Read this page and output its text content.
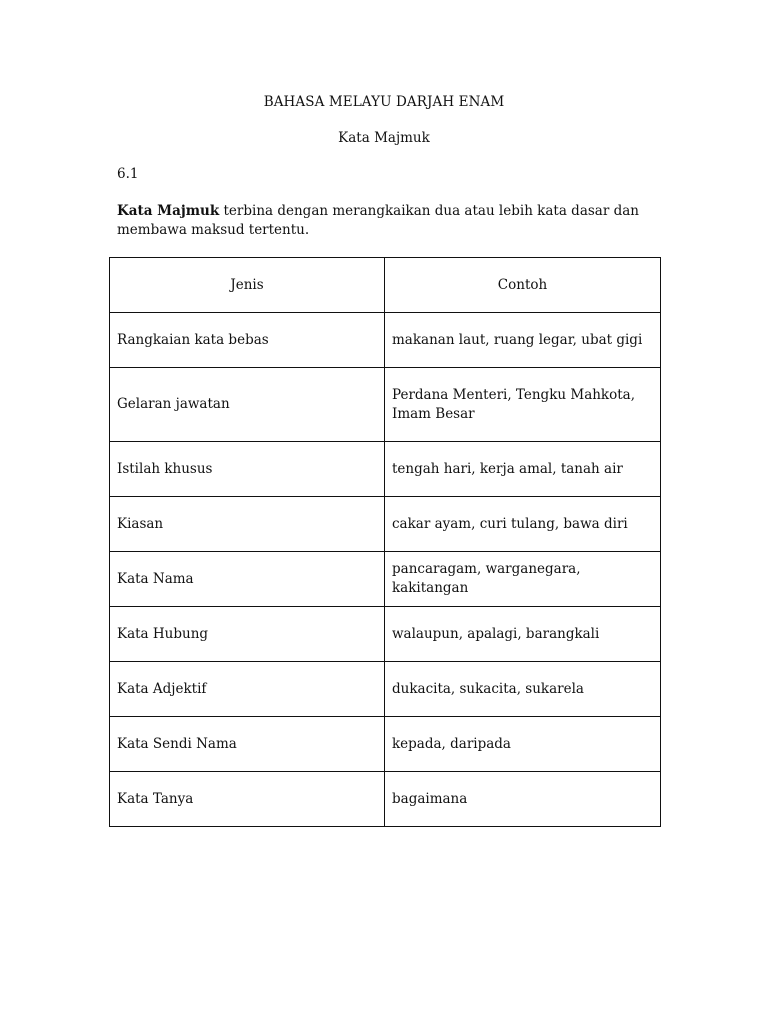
BAHASA MELAYU DARJAH ENAM
Kata Majmuk
6.1
Kata Majmuk terbina dengan merangkaikan dua atau lebih kata dasar dan membawa maksud tertentu.
Jenis	Contoh
Rangkaian kata bebas	makanan laut, ruang legar, ubat gigi
Gelaran jawatan	Perdana Menteri, Tengku Mahkota, Imam Besar
Istilah khusus	tengah hari, kerja amal, tanah air
Kiasan	cakar ayam, curi tulang, bawa diri
Kata Nama	pancaragam, warganegara, kakitangan
Kata Hubung	walaupun, apalagi, barangkali
Kata Adjektif	dukacita, sukacita, sukarela
Kata Sendi Nama	kepada, daripada
Kata Tanya	bagaimana
